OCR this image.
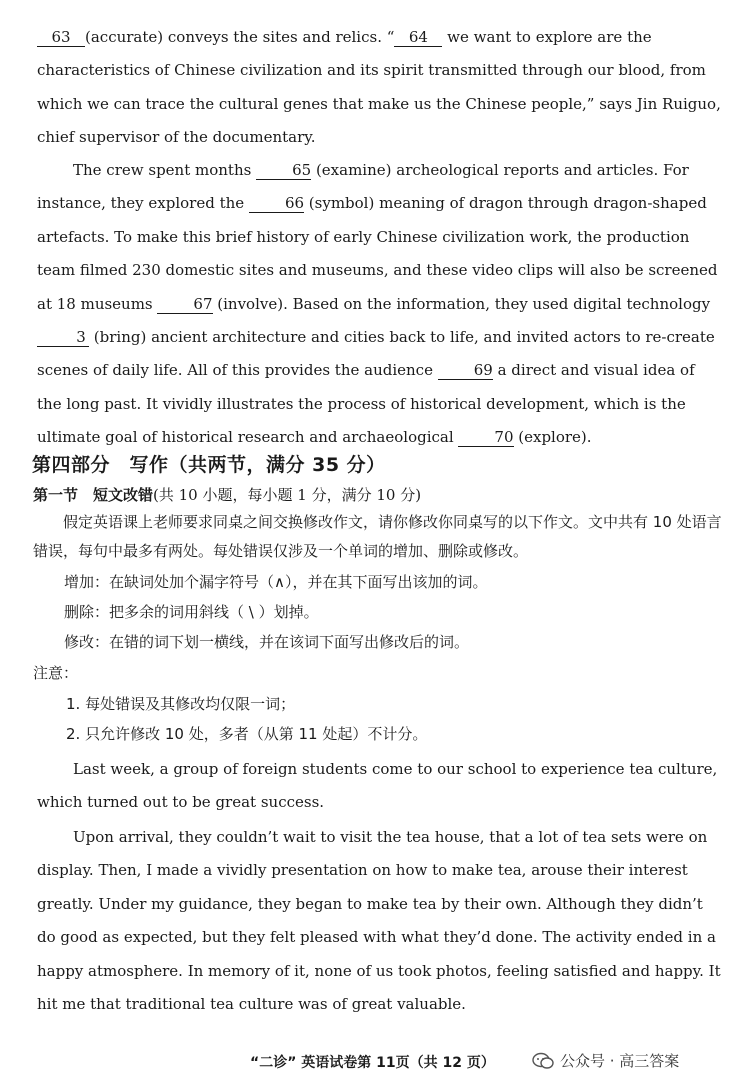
63 (accurate) conveys the sites and relics. “ 64 we want to explore are the characteristics of Chinese civilization and its spirit transmitted through our blood, from which we can trace the cultural genes that make us the Chinese people,” says Jin Ruiguo, chief supervisor of the documentary.

The crew spent months 65 (examine) archeological reports and articles. For instance, they explored the 66 (symbol) meaning of dragon through dragon-shaped artefacts. To make this brief history of early Chinese civilization work, the production team filmed 230 domestic sites and museums, and these video clips will also be screened at 18 museums 67 (involve). Based on the information, they used digital technology 3 (bring) ancient architecture and cities back to life, and invited actors to re-create scenes of daily life. All of this provides the audience 69 a direct and visual idea of the long past. It vividly illustrates the process of historical development, which is the ultimate goal of historical research and archaeological 70 (explore).

第四部分　写作（共两节，满分 35 分）
第一节　短文改错(共 10 小题，每小题 1 分，满分 10 分)
假定英语课上老师要求同桌之间交换修改作文，请你修改你同桌写的以下作文。文中共有 10 处语言错误，每句中最多有两处。每处错误仅涉及一个单词的增加、删除或修改。
增加：在缺词处加个漏字符号（∧），并在其下面写出该加的词。
删除：把多余的词用斜线（ \ ）划掉。
修改：在错的词下划一横线，并在该词下面写出修改后的词。
注意：
1. 每处错误及其修改均仅限一词；
2. 只允许修改 10 处，多者（从第 11 处起）不计分。

Last week, a group of foreign students come to our school to experience tea culture, which turned out to be great success.

Upon arrival, they couldn’t wait to visit the tea house, that a lot of tea sets were on display. Then, I made a vividly presentation on how to make tea, arouse their interest greatly. Under my guidance, they began to make tea by their own. Although they didn’t do good as expected, but they felt pleased with what they’d done. The activity ended in a happy atmosphere. In memory of it, none of us took photos, feeling satisfied and happy. It hit me that traditional tea culture was of great valuable.

“二诊” 英语试卷第 11页（共 12 页）	公众号 · 高三答案
